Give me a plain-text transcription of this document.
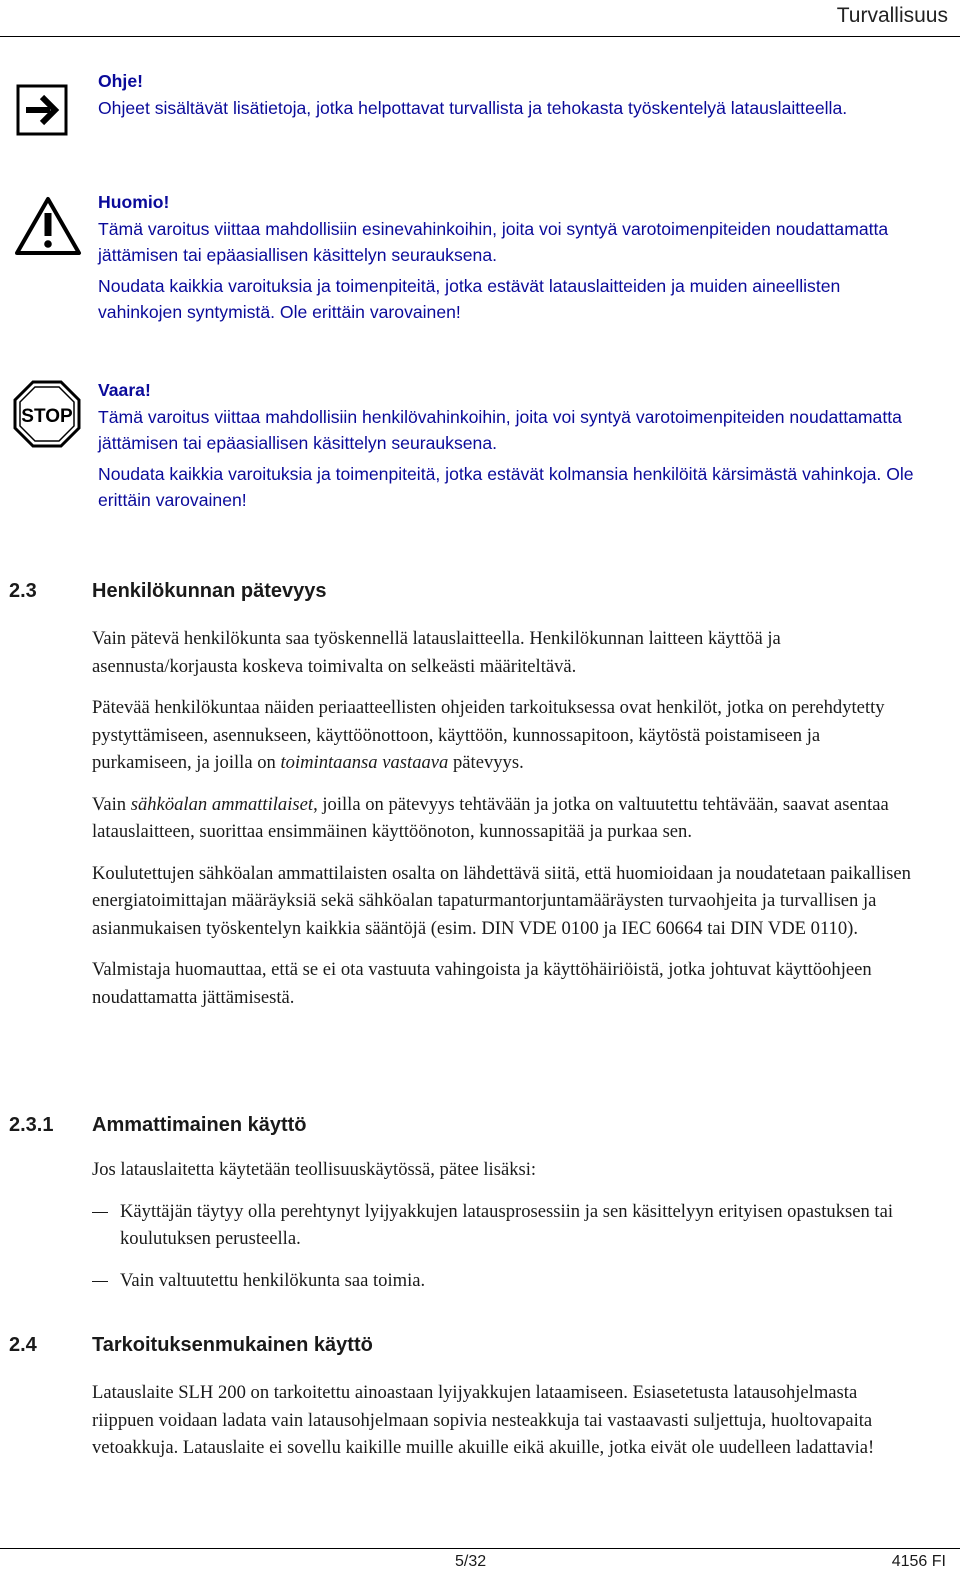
Turvallisuus
Ohje!

Ohjeet sisältävät lisätietoja, jotka helpottavat turvallista ja tehokasta työskentelyä latauslaitteella.

Huomio!

Tämä varoitus viittaa mahdollisiin esinevahinkoihin, joita voi syntyä varotoimenpiteiden noudattamatta jättämisen tai epäasiallisen käsittelyn seurauksena.

Noudata kaikkia varoituksia ja toimenpiteitä, jotka estävät latauslaitteiden ja muiden aineellisten vahinkojen syntymistä. Ole erittäin varovainen!

STOP
Vaara!

Tämä varoitus viittaa mahdollisiin henkilövahinkoihin, joita voi syntyä varotoimenpiteiden noudattamatta jättämisen tai epäasiallisen käsittelyn seurauksena.

Noudata kaikkia varoituksia ja toimenpiteitä, jotka estävät kolmansia henkilöitä kärsimästä vahinkoja. Ole erittäin varovainen!

2.3	Henkilökunnan pätevyys

Vain pätevä henkilökunta saa työskennellä latauslaitteella. Henkilökunnan laitteen käyttöä ja asennusta/korjausta koskeva toimivalta on selkeästi määriteltävä.

Pätevää henkilökuntaa näiden periaatteellisten ohjeiden tarkoituksessa ovat henkilöt, jotka on perehdytetty pystyttämiseen, asennukseen, käyttöönottoon, käyttöön, kunnossapitoon, käytöstä poistamiseen ja purkamiseen, ja joilla on toimintaansa vastaava pätevyys.

Vain sähköalan ammattilaiset, joilla on pätevyys tehtävään ja jotka on valtuutettu tehtävään, saavat asentaa latauslaitteen, suorittaa ensimmäinen käyttöönoton, kunnossapitää ja purkaa sen.

Koulutettujen sähköalan ammattilaisten osalta on lähdettävä siitä, että huomioidaan ja noudatetaan paikallisen energiatoimittajan määräyksiä sekä sähköalan tapaturmantorjuntamääräysten turvaohjeita ja turvallisen ja asianmukaisen työskentelyn kaikkia sääntöjä (esim. DIN VDE 0100 ja IEC 60664 tai DIN VDE 0110).

Valmistaja huomauttaa, että se ei ota vastuuta vahingoista ja käyttöhäiriöistä, jotka johtuvat käyttöohjeen noudattamatta jättämisestä.

2.3.1 Ammattimainen käyttö

Jos latauslaitetta käytetään teollisuuskäytössä, pätee lisäksi:

Käyttäjän täytyy olla perehtynyt lyijyakkujen latausprosessiin ja sen käsittelyyn erityisen opastuksen tai koulutuksen perusteella.
Vain valtuutettu henkilökunta saa toimia.
2.4	Tarkoituksenmukainen käyttö

Latauslaite SLH 200 on tarkoitettu ainoastaan lyijyakkujen lataamiseen. Esiasetetusta latausohjelmasta riippuen voidaan ladata vain latausohjelmaan sopivia nesteakkuja tai vastaavasti suljettuja, huoltovapaita vetoakkuja. Latauslaite ei sovellu kaikille muille akuille eikä akuille, jotka eivät ole uudelleen ladattavia!

5/32	4156 FI
